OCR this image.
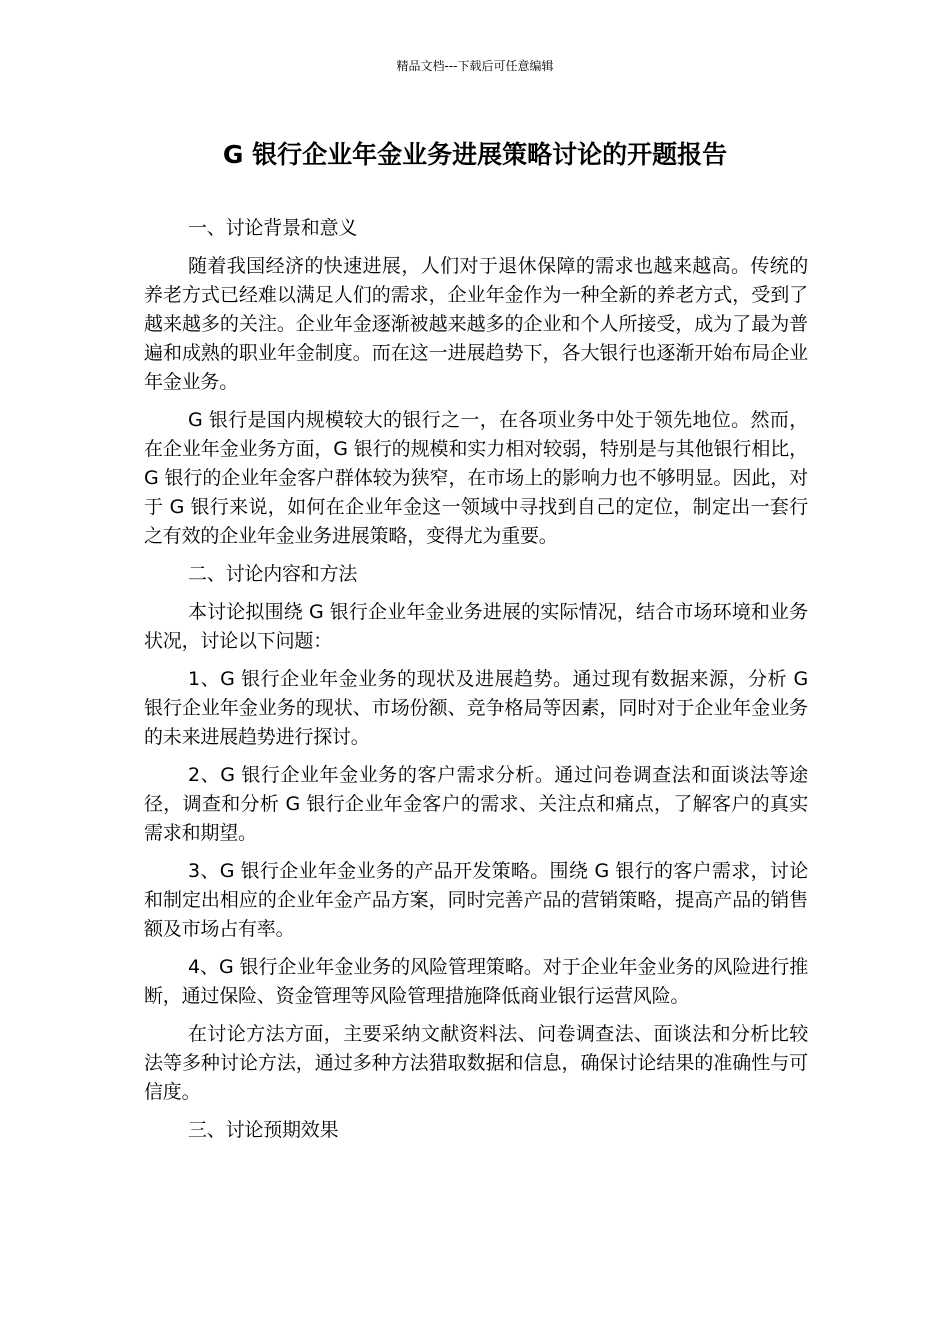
精品文档---下载后可任意编辑
G 银行企业年金业务进展策略讨论的开题报告

一、讨论背景和意义

随着我国经济的快速进展，人们对于退休保障的需求也越来越高。传统的养老方式已经难以满足人们的需求，企业年金作为一种全新的养老方式，受到了越来越多的关注。企业年金逐渐被越来越多的企业和个人所接受，成为了最为普遍和成熟的职业年金制度。而在这一进展趋势下，各大银行也逐渐开始布局企业年金业务。

G 银行是国内规模较大的银行之一，在各项业务中处于领先地位。然而，在企业年金业务方面，G 银行的规模和实力相对较弱，特别是与其他银行相比，G 银行的企业年金客户群体较为狭窄，在市场上的影响力也不够明显。因此，对于 G 银行来说，如何在企业年金这一领域中寻找到自己的定位，制定出一套行之有效的企业年金业务进展策略，变得尤为重要。

二、讨论内容和方法

本讨论拟围绕 G 银行企业年金业务进展的实际情况，结合市场环境和业务状况，讨论以下问题：

1、G 银行企业年金业务的现状及进展趋势。通过现有数据来源，分析 G 银行企业年金业务的现状、市场份额、竞争格局等因素，同时对于企业年金业务的未来进展趋势进行探讨。

2、G 银行企业年金业务的客户需求分析。通过问卷调查法和面谈法等途径，调查和分析 G 银行企业年金客户的需求、关注点和痛点，了解客户的真实需求和期望。

3、G 银行企业年金业务的产品开发策略。围绕 G 银行的客户需求，讨论和制定出相应的企业年金产品方案，同时完善产品的营销策略，提高产品的销售额及市场占有率。

4、G 银行企业年金业务的风险管理策略。对于企业年金业务的风险进行推断，通过保险、资金管理等风险管理措施降低商业银行运营风险。

在讨论方法方面，主要采纳文献资料法、问卷调查法、面谈法和分析比较法等多种讨论方法，通过多种方法猎取数据和信息，确保讨论结果的准确性与可信度。

三、讨论预期效果
